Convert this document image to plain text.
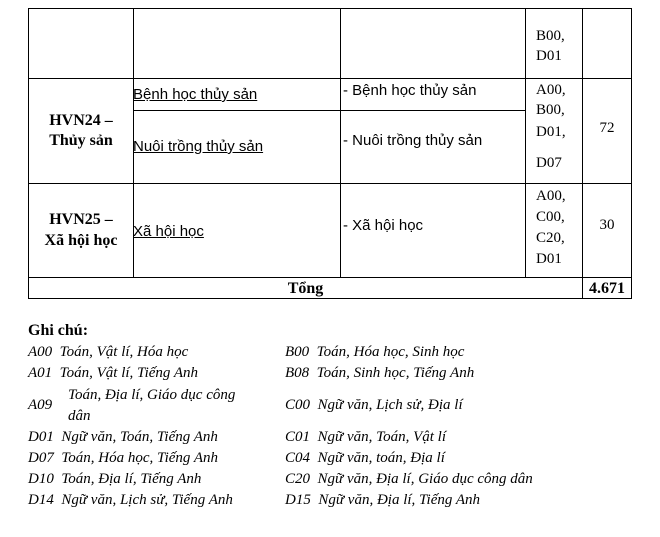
B00,
D01
HVN24 –
Thủy sản
Bệnh học thủy sản
Nuôi trồng thủy sản
- Bệnh học thủy sản
- Nuôi trồng thủy sản
A00,
B00,
D01,
D07
72
HVN25 –
Xã hội học
Xã hội học	- Xã hội học
A00,
C00,
C20,
D01
30
Tổng	4.671
Ghi chú:
A00 Toán, Vật lí, Hóa học
A01 Toán, Vật lí, Tiếng Anh
A09
Toán, Địa lí, Giáo dục công
dân
D01 Ngữ văn, Toán, Tiếng Anh
D07 Toán, Hóa học, Tiếng Anh
D10 Toán, Địa lí, Tiếng Anh
D14 Ngữ văn, Lịch sử, Tiếng Anh
B00 Toán, Hóa học, Sinh học
B08 Toán, Sinh học, Tiếng Anh
C00 Ngữ văn, Lịch sử, Địa lí
C01 Ngữ văn, Toán, Vật lí
C04 Ngữ văn, toán, Địa lí
C20 Ngữ văn, Địa lí, Giáo dục công dân
D15 Ngữ văn, Địa lí, Tiếng Anh
